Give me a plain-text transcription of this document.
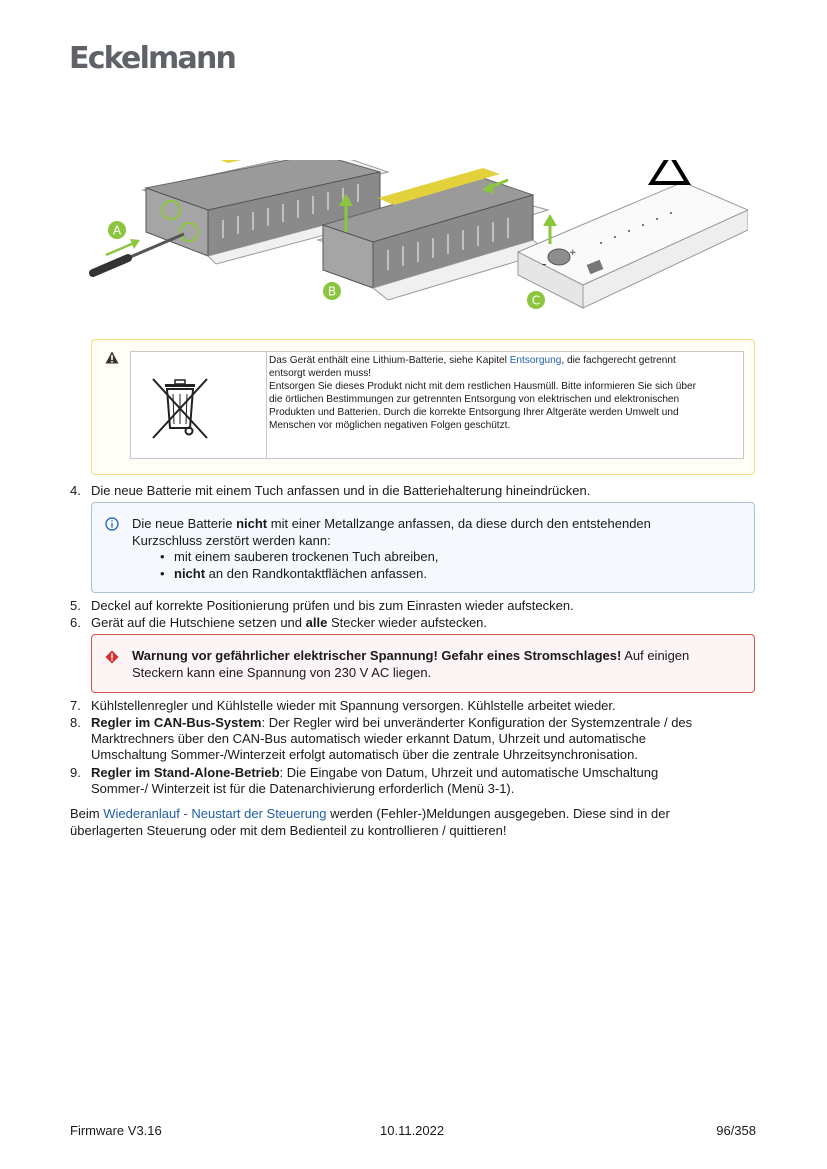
Eckelmann
A
B
+
-
C
Das Gerät enthält eine Lithium-Batterie, siehe Kapitel Entsorgung, die fachgerecht getrennt
entsorgt werden muss!
Entsorgen Sie dieses Produkt nicht mit dem restlichen Hausmüll. Bitte informieren Sie sich über
die örtlichen Bestimmungen zur getrennten Entsorgung von elektrischen und elektronischen
Produkten und Batterien. Durch die korrekte Entsorgung Ihrer Altgeräte werden Umwelt und
Menschen vor möglichen negativen Folgen geschützt.
4. Die neue Batterie mit einem Tuch anfassen und in die Batteriehalterung hineindrücken.
Die neue Batterie nicht mit einer Metallzange anfassen, da diese durch den entstehenden
Kurzschluss zerstört werden kann:
• mit einem sauberen trockenen Tuch abreiben,
• nicht an den Randkontaktflächen anfassen.
5. Deckel auf korrekte Positionierung prüfen und bis zum Einrasten wieder aufstecken.
6. Gerät auf die Hutschiene setzen und alle Stecker wieder aufstecken.
Warnung vor gefährlicher elektrischer Spannung! Gefahr eines Stromschlages! Auf einigen
Steckern kann eine Spannung von 230 V AC liegen.
7. Kühlstellenregler und Kühlstelle wieder mit Spannung versorgen. Kühlstelle arbeitet wieder.
8. Regler im CAN-Bus-System: Der Regler wird bei unveränderter Konfiguration der Systemzentrale / des
Marktrechners über den CAN-Bus automatisch wieder erkannt Datum, Uhrzeit und automatische
Umschaltung Sommer-/Winterzeit erfolgt automatisch über die zentrale Uhrzeitsynchronisation.
9. Regler im Stand-Alone-Betrieb: Die Eingabe von Datum, Uhrzeit und automatische Umschaltung
Sommer-/ Winterzeit ist für die Datenarchivierung erforderlich (Menü 3-1).
Beim Wiederanlauf - Neustart der Steuerung werden (Fehler-)Meldungen ausgegeben. Diese sind in der
überlagerten Steuerung oder mit dem Bedienteil zu kontrollieren / quittieren!
Firmware V3.16	10.11.2022	96/358
